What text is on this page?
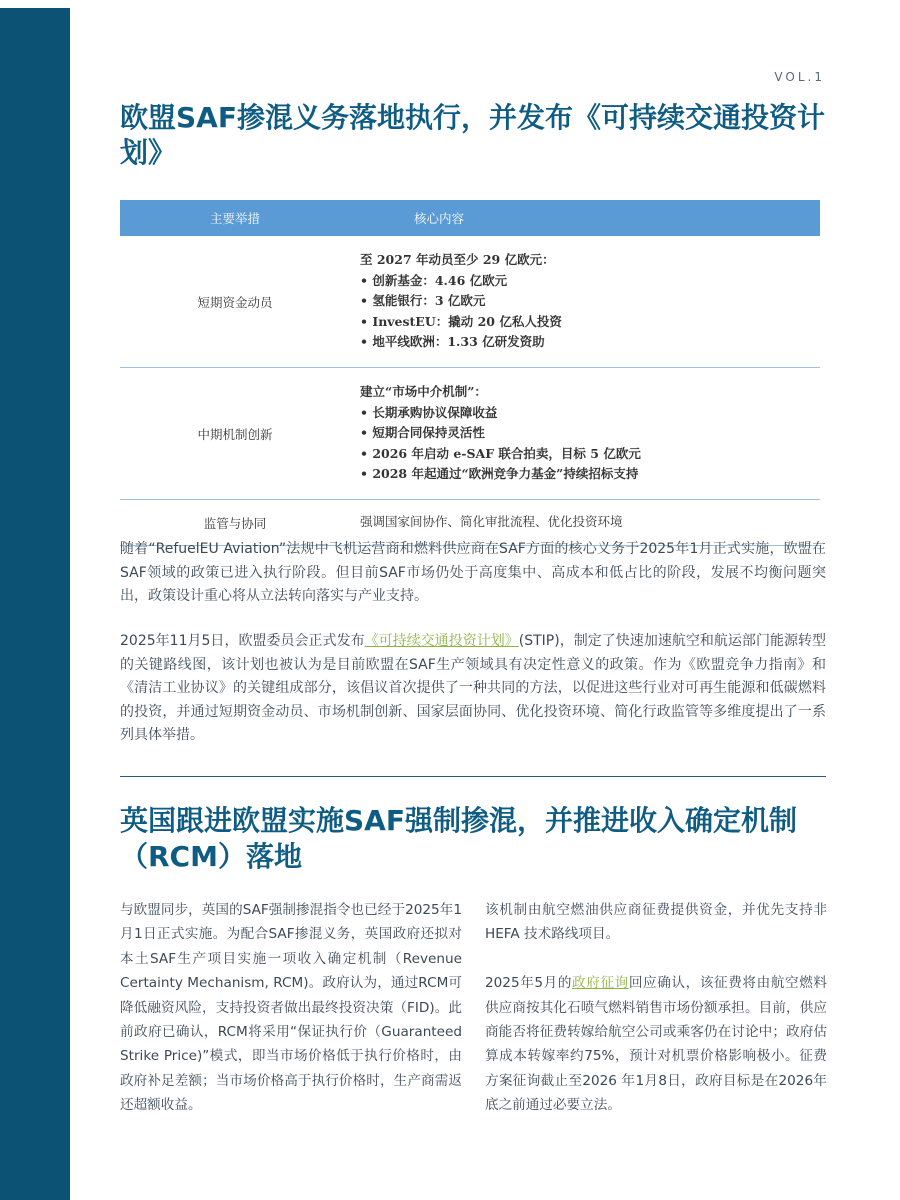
VOL.1
欧盟SAF掺混义务落地执行，并发布《可持续交通投资计划》
主要举措	核心内容
短期资金动员	至 2027 年动员至少 29 亿欧元：
• 创新基金：4.46 亿欧元
• 氢能银行：3 亿欧元
• InvestEU：撬动 20 亿私人投资
• 地平线欧洲：1.33 亿研发资助

中期机制创新	建立“市场中介机制”：
• 长期承购协议保障收益
• 短期合同保持灵活性
• 2026 年启动 e-SAF 联合拍卖，目标 5 亿欧元
• 2028 年起通过“欧洲竞争力基金”持续招标支持

监管与协同	强调国家间协作、简化审批流程、优化投资环境

随着“RefuelEU Aviation”法规中飞机运营商和燃料供应商在SAF方面的核心义务于2025年1月正式实施，欧盟在SAF领域的政策已进入执行阶段。但目前SAF市场仍处于高度集中、高成本和低占比的阶段，发展不均衡问题突出，政策设计重心将从立法转向落实与产业支持。

2025年11月5日，欧盟委员会正式发布《可持续交通投资计划》(STIP)，制定了快速加速航空和航运部门能源转型的关键路线图，该计划也被认为是目前欧盟在SAF生产领域具有决定性意义的政策。作为《欧盟竞争力指南》和《清洁工业协议》的关键组成部分，该倡议首次提供了一种共同的方法，以促进这些行业对可再生能源和低碳燃料的投资，并通过短期资金动员、市场机制创新、国家层面协同、优化投资环境、简化行政监管等多维度提出了一系列具体举措。

英国跟进欧盟实施SAF强制掺混，并推进收入确定机制（RCM）落地

与欧盟同步，英国的SAF强制掺混指令也已经于2025年1月1日正式实施。为配合SAF掺混义务，英国政府还拟对本土SAF生产项目实施一项收入确定机制（Revenue Certainty Mechanism, RCM)。政府认为，通过RCM可降低融资风险，支持投资者做出最终投资决策（FID)。此前政府已确认，RCM将采用“保证执行价（Guaranteed Strike Price)”模式，即当市场价格低于执行价格时，由政府补足差额；当市场价格高于执行价格时，生产商需返还超额收益。

该机制由航空燃油供应商征费提供资金，并优先支持非 HEFA 技术路线项目。
2025年5月的政府征询回应确认，该征费将由航空燃料供应商按其化石喷气燃料销售市场份额承担。目前，供应商能否将征费转嫁给航空公司或乘客仍在讨论中；政府估算成本转嫁率约75%，预计对机票价格影响极小。征费方案征询截止至2026 年1月8日，政府目标是在2026年底之前通过必要立法。
